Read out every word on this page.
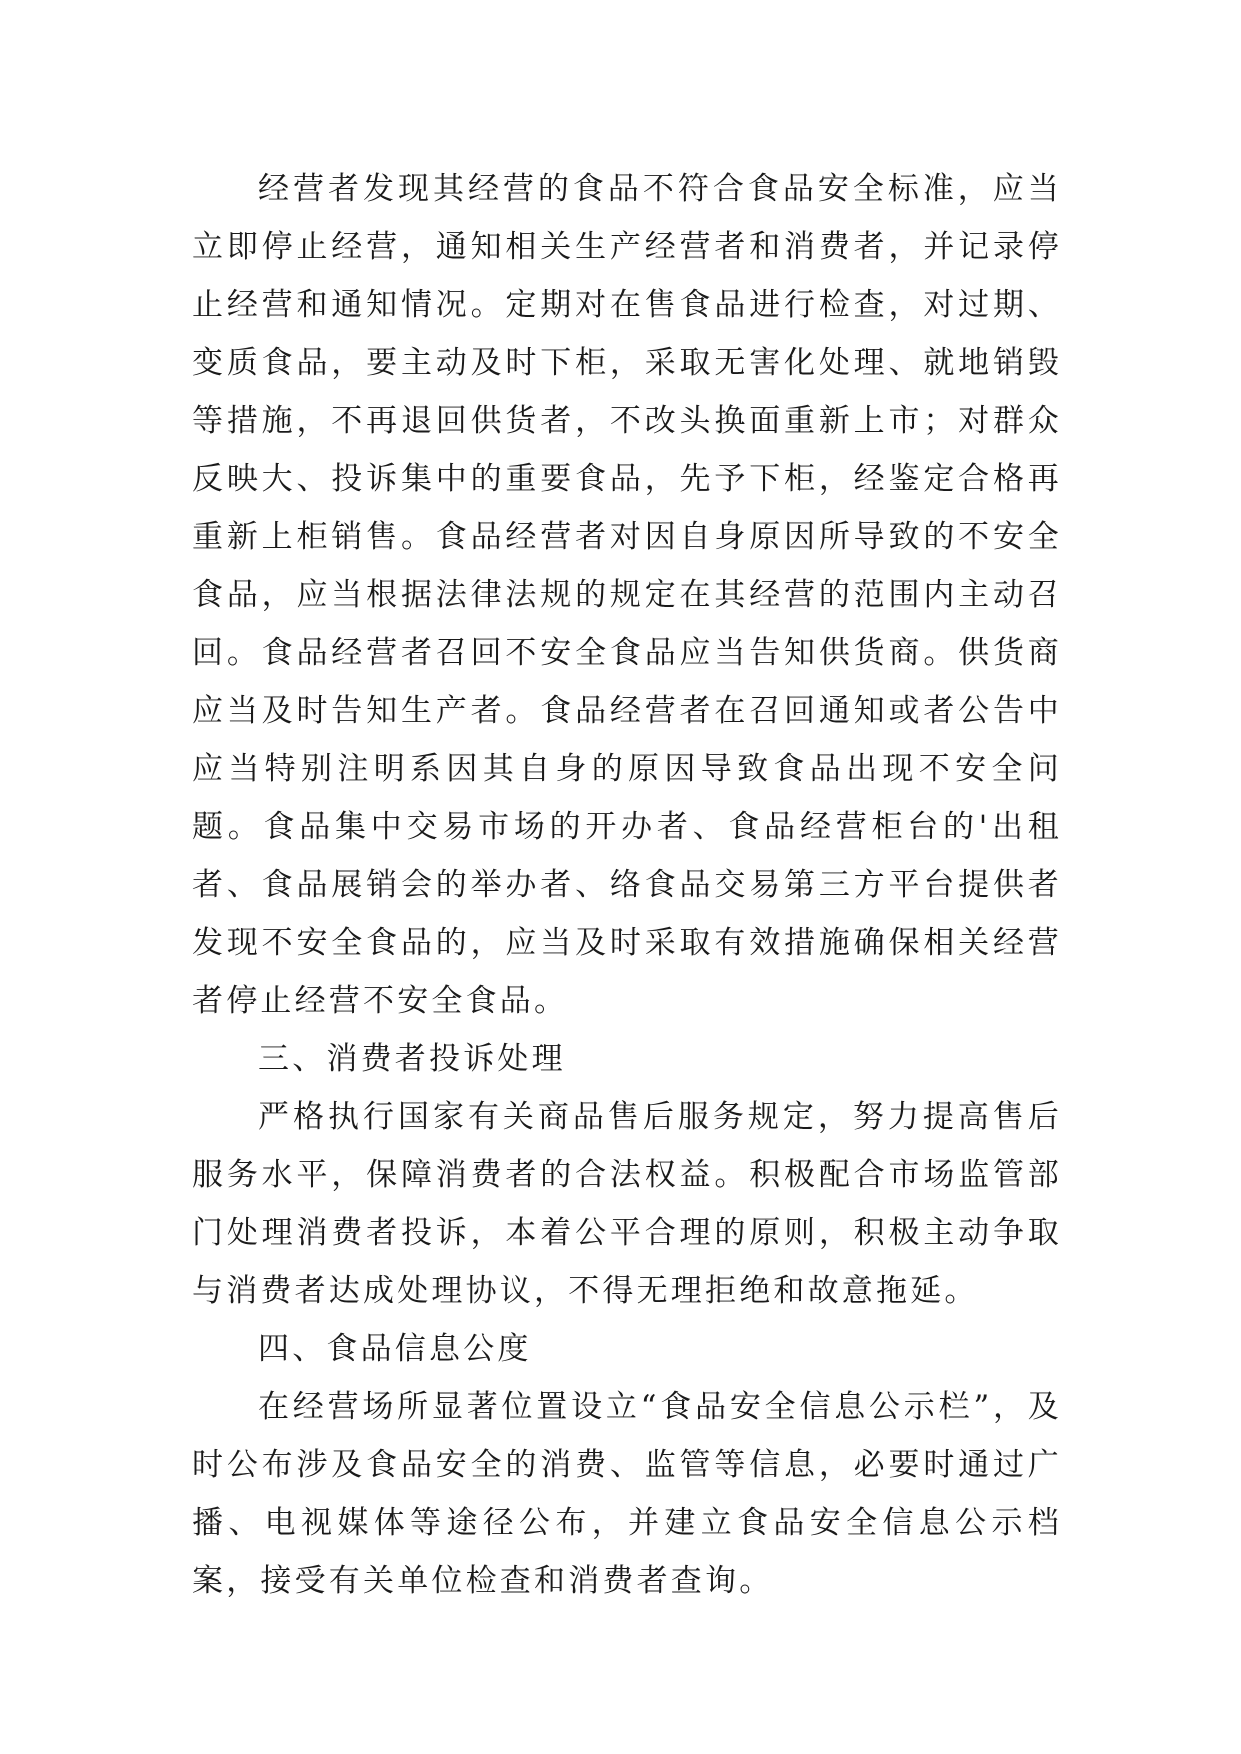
经营者发现其经营的食品不符合食品安全标准，应当立即停止经营，通知相关生产经营者和消费者，并记录停止经营和通知情况。定期对在售食品进行检查，对过期、变质食品，要主动及时下柜，采取无害化处理、就地销毁等措施，不再退回供货者，不改头换面重新上市；对群众反映大、投诉集中的重要食品，先予下柜，经鉴定合格再重新上柜销售。食品经营者对因自身原因所导致的不安全食品，应当根据法律法规的规定在其经营的范围内主动召回。食品经营者召回不安全食品应当告知供货商。供货商应当及时告知生产者。食品经营者在召回通知或者公告中应当特别注明系因其自身的原因导致食品出现不安全问题。食品集中交易市场的开办者、食品经营柜台的'出租者、食品展销会的举办者、络食品交易第三方平台提供者发现不安全食品的，应当及时采取有效措施确保相关经营者停止经营不安全食品。

三、消费者投诉处理

严格执行国家有关商品售后服务规定，努力提高售后服务水平，保障消费者的合法权益。积极配合市场监管部门处理消费者投诉，本着公平合理的原则，积极主动争取与消费者达成处理协议，不得无理拒绝和故意拖延。

四、食品信息公度

在经营场所显著位置设立“食品安全信息公示栏”，及时公布涉及食品安全的消费、监管等信息，必要时通过广播、电视媒体等途径公布，并建立食品安全信息公示档案，接受有关单位检查和消费者查询。
